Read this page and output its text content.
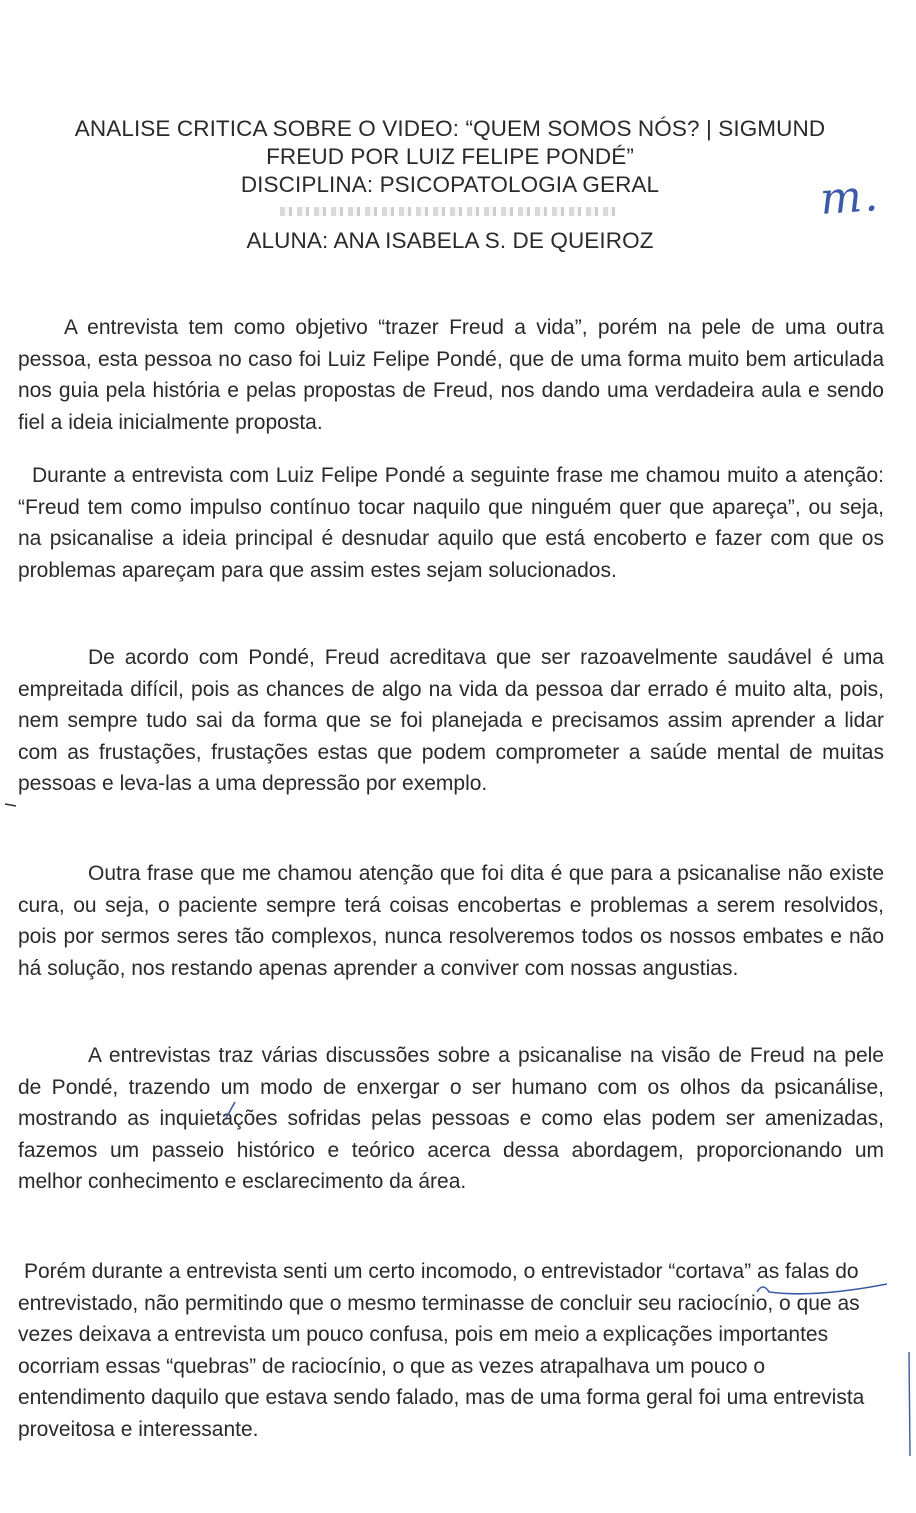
ANALISE CRITICA SOBRE O VIDEO: “QUEM SOMOS NÓS? | SIGMUND
FREUD POR LUIZ FELIPE PONDÉ”
DISCIPLINA: PSICOPATOLOGIA GERAL
ALUNA: ANA ISABELA S. DE QUEIROZ
m.

A entrevista tem como objetivo “trazer Freud a vida”, porém na pele de uma outra pessoa, esta pessoa no caso foi Luiz Felipe Pondé, que de uma forma muito bem articulada nos guia pela história e pelas propostas de Freud, nos dando uma verdadeira aula e sendo fiel a ideia inicialmente proposta.

Durante a entrevista com Luiz Felipe Pondé a seguinte frase me chamou muito a atenção: “Freud tem como impulso contínuo tocar naquilo que ninguém quer que apareça”, ou seja, na psicanalise a ideia principal é desnudar aquilo que está encoberto e fazer com que os problemas apareçam para que assim estes sejam solucionados.

De acordo com Pondé, Freud acreditava que ser razoavelmente saudável é uma empreitada difícil, pois as chances de algo na vida da pessoa dar errado é muito alta, pois, nem sempre tudo sai da forma que se foi planejada e precisamos assim aprender a lidar com as frustações, frustações estas que podem comprometer a saúde mental de muitas pessoas e leva-las a uma depressão por exemplo.

Outra frase que me chamou atenção que foi dita é que para a psicanalise não existe cura, ou seja, o paciente sempre terá coisas encobertas e problemas a serem resolvidos, pois por sermos seres tão complexos, nunca resolveremos todos os nossos embates e não há solução, nos restando apenas aprender a conviver com nossas angustias.

A entrevistas traz várias discussões sobre a psicanalise na visão de Freud na pele de Pondé, trazendo um modo de enxergar o ser humano com os olhos da psicanálise, mostrando as inquietações sofridas pelas pessoas e como elas podem ser amenizadas, fazemos um passeio histórico e teórico acerca dessa abordagem, proporcionando um melhor conhecimento e esclarecimento da área.

Porém durante a entrevista senti um certo incomodo, o entrevistador “cortava” as falas do entrevistado, não permitindo que o mesmo terminasse de concluir seu raciocínio, o que as vezes deixava a entrevista um pouco confusa, pois em meio a explicações importantes ocorriam essas “quebras” de raciocínio, o que as vezes atrapalhava um pouco o entendimento daquilo que estava sendo falado, mas de uma forma geral foi uma entrevista proveitosa e interessante.
